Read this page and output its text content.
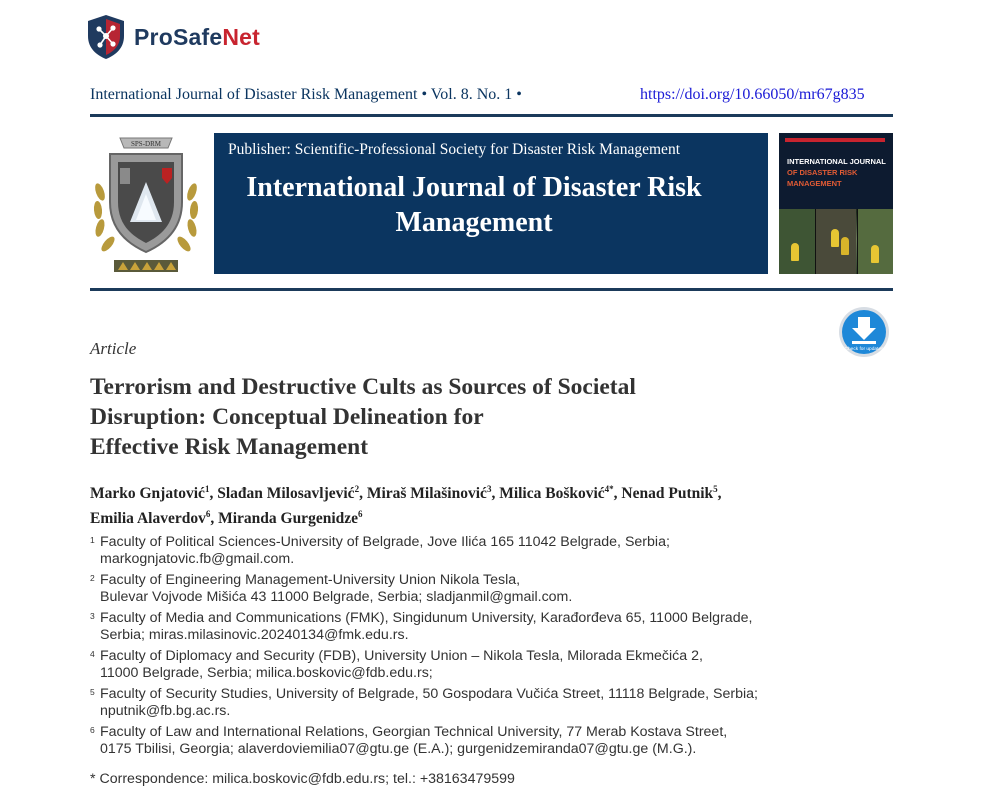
ProSafeNet
International Journal of Disaster Risk Management • Vol. 8. No. 1 •	https://doi.org/10.66050/mr67g835
SPS-DRM	Publisher: Scientific-Professional Society for Disaster Risk Management
International Journal of Disaster Risk Management
INTERNATIONAL JOURNAL
OF DISASTER RISK
MANAGEMENT
Check for updates
Article
Terrorism and Destructive Cults as Sources of Societal
Disruption: Conceptual Delineation for
Effective Risk Management
Marko Gnjatović$^1$, Slađan Milosavljević$^2$, Miraš Milašinović$^3$, Milica Bošković$^{4*}$, Nenad Putnik$^5$,
Emilia Alaverdov$^6$, Miranda Gurgenidze$^6$
1 Faculty of Political Sciences-University of Belgrade, Jove Ilića 165 11042 Belgrade, Serbia;
markognjatovic.fb@gmail.com.
2 Faculty of Engineering Management-University Union Nikola Tesla,
Bulevar Vojvode Mišića 43 11000 Belgrade, Serbia; sladjanmil@gmail.com.
3 Faculty of Media and Communications (FMK), Singidunum University, Karađorđeva 65, 11000 Belgrade,
Serbia; miras.milasinovic.20240134@fmk.edu.rs.
4 Faculty of Diplomacy and Security (FDB), University Union – Nikola Tesla, Milorada Ekmečića 2,
11000 Belgrade, Serbia; milica.boskovic@fdb.edu.rs;
5 Faculty of Security Studies, University of Belgrade, 50 Gospodara Vučića Street, 11118 Belgrade, Serbia;
nputnik@fb.bg.ac.rs.
6 Faculty of Law and International Relations, Georgian Technical University, 77 Merab Kostava Street,
0175 Tbilisi, Georgia; alaverdoviemilia07@gtu.ge (E.A.); gurgenidzemiranda07@gtu.ge (M.G.).
* Correspondence: milica.boskovic@fdb.edu.rs; tel.: +38163479599
